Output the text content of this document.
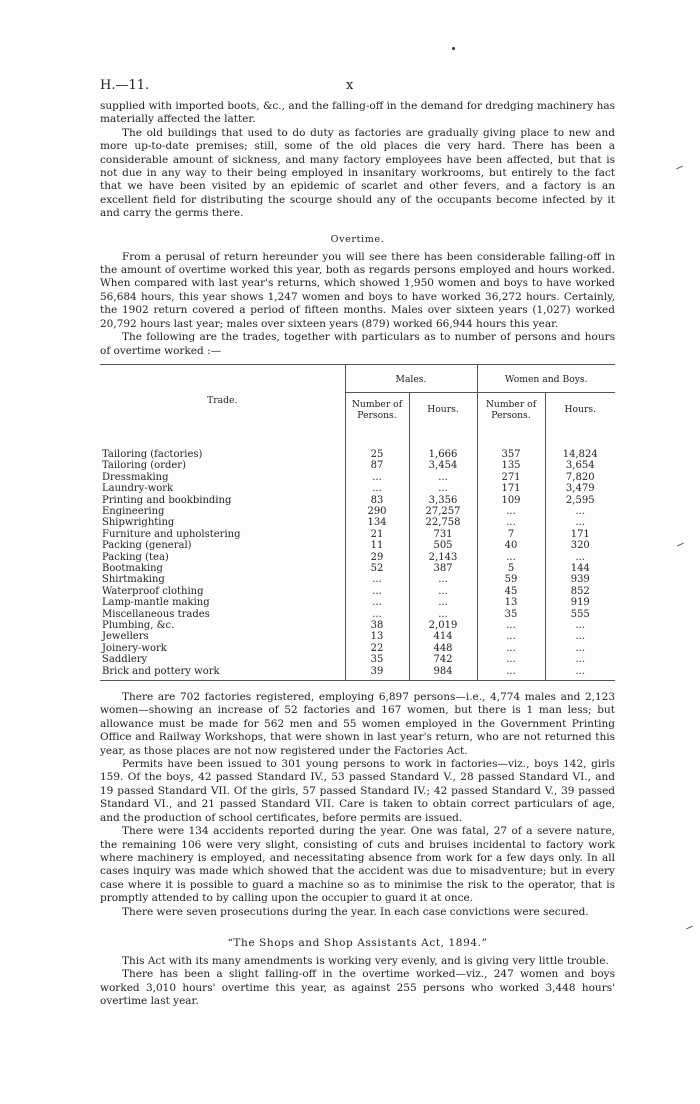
H.—11.	x

supplied with imported boots, &c., and the falling-off in the demand for dredging machinery has materially affected the latter.

The old buildings that used to do duty as factories are gradually giving place to new and more up-to-date premises; still, some of the old places die very hard. There has been a considerable amount of sickness, and many factory employees have been affected, but that is not due in any way to their being employed in insanitary workrooms, but entirely to the fact that we have been visited by an epidemic of scarlet and other fevers, and a factory is an excellent field for distributing the scourge should any of the occupants become infected by it and carry the germs there.

Overtime.

From a perusal of return hereunder you will see there has been considerable falling-off in the amount of overtime worked this year, both as regards persons employed and hours worked. When compared with last year's returns, which showed 1,950 women and boys to have worked 56,684 hours, this year shows 1,247 women and boys to have worked 36,272 hours. Certainly, the 1902 return covered a period of fifteen months. Males over sixteen years (1,027) worked 20,792 hours last year; males over sixteen years (879) worked 66,944 hours this year.

The following are the trades, together with particulars as to number of persons and hours of overtime worked :—

Trade.	Males.		Women and Boys.	
	Number of Persons.	Hours.	Number of Persons.	Hours.
Tailoring (factories)	25	1,666	357	14,824
Tailoring (order)	87	3,454	135	3,654
Dressmaking	...	...	271	7,820
Laundry-work	...	...	171	3,479
Printing and bookbinding	83	3,356	109	2,595
Engineering	290	27,257	...	...
Shipwrighting	134	22,758	...	...
Furniture and upholstering	21	731	7	171
Packing (general)	11	505	40	320
Packing (tea)	29	2,143	...	...
Bootmaking	52	387	5	144
Shirtmaking	...	...	59	939
Waterproof clothing	...	...	45	852
Lamp-mantle making	...	...	13	919
Miscellaneous trades	...	...	35	555
Plumbing, &c.	38	2,019	...	...
Jewellers	13	414	...	...
Joinery-work	22	448	...	...
Saddlery	35	742	...	...
Brick and pottery work	39	984	...	...

There are 702 factories registered, employing 6,897 persons—i.e., 4,774 males and 2,123 women—showing an increase of 52 factories and 167 women, but there is 1 man less; but allowance must be made for 562 men and 55 women employed in the Government Printing Office and Railway Workshops, that were shown in last year's return, who are not returned this year, as those places are not now registered under the Factories Act.

Permits have been issued to 301 young persons to work in factories—viz., boys 142, girls 159. Of the boys, 42 passed Standard IV., 53 passed Standard V., 28 passed Standard VI., and 19 passed Standard VII. Of the girls, 57 passed Standard IV.; 42 passed Standard V., 39 passed Standard VI., and 21 passed Standard VII. Care is taken to obtain correct particulars of age, and the production of school certificates, before permits are issued.

There were 134 accidents reported during the year. One was fatal, 27 of a severe nature, the remaining 106 were very slight, consisting of cuts and bruises incidental to factory work where machinery is employed, and necessitating absence from work for a few days only. In all cases inquiry was made which showed that the accident was due to misadventure; but in every case where it is possible to guard a machine so as to minimise the risk to the operator, that is promptly attended to by calling upon the occupier to guard it at once.

There were seven prosecutions during the year. In each case convictions were secured.

“The Shops and Shop Assistants Act, 1894.”

This Act with its many amendments is working very evenly, and is giving very little trouble.

There has been a slight falling-off in the overtime worked—viz., 247 women and boys worked 3,010 hours' overtime this year, as against 255 persons who worked 3,448 hours' overtime last year.
